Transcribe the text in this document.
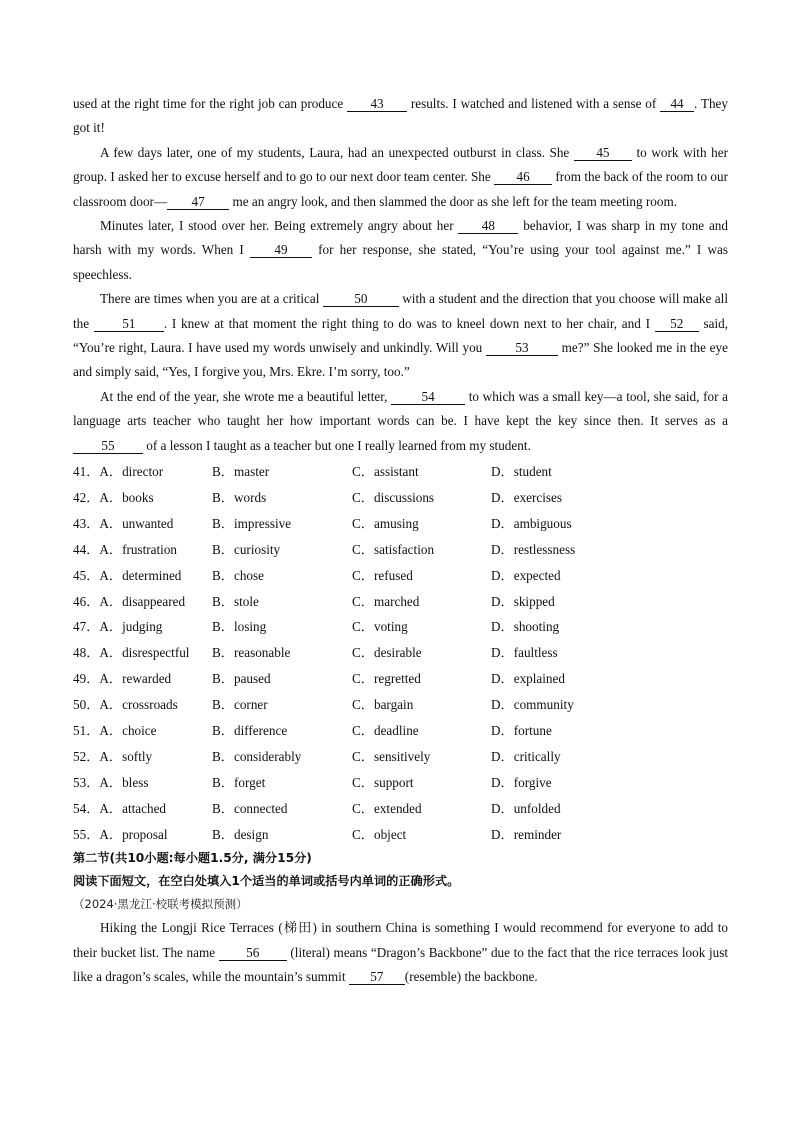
used at the right time for the right job can produce 43 results. I watched and listened with a sense of 44 . They got it!

A few days later, one of my students, Laura, had an unexpected outburst in class. She 45 to work with her group. I asked her to excuse herself and to go to our next door team center. She 46 from the back of the room to our classroom door— 47 me an angry look, and then slammed the door as she left for the team meeting room.

Minutes later, I stood over her. Being extremely angry about her 48 behavior, I was sharp in my tone and harsh with my words. When I 49 for her response, she stated, “You’re using your tool against me.” I was speechless.

There are times when you are at a critical 50 with a student and the direction that you choose will make all the 51 . I knew at that moment the right thing to do was to kneel down next to her chair, and I 52 said, “You’re right, Laura. I have used my words unwisely and unkindly. Will you 53 me?” She looked me in the eye and simply said, “Yes, I forgive you, Mrs. Ekre. I’m sorry, too.”

At the end of the year, she wrote me a beautiful letter, 54 to which was a small key—a tool, she said, for a language arts teacher who taught her how important words can be. I have kept the key since then. It serves as a 55 of a lesson I taught as a teacher but one I really learned from my student.

41．A．director	B．master	C．assistant	D．student
42．A．books	B．words	C．discussions	D．exercises
43．A．unwanted	B．impressive	C．amusing	D．ambiguous
44．A．frustration	B．curiosity	C．satisfaction	D．restlessness
45．A．determined	B．chose	C．refused	D．expected
46．A．disappeared	B．stole	C．marched	D．skipped
47．A．judging	B．losing	C．voting	D．shooting
48．A．disrespectful	B．reasonable	C．desirable	D．faultless
49．A．rewarded	B．paused	C．regretted	D．explained
50．A．crossroads	B．corner	C．bargain	D．community
51．A．choice	B．difference	C．deadline	D．fortune
52．A．softly	B．considerably	C．sensitively	D．critically
53．A．bless	B．forget	C．support	D．forgive
54．A．attached	B．connected	C．extended	D．unfolded
55．A．proposal	B．design	C．object	D．reminder

第二节(共10小题:每小题1.5分, 满分15分)

阅读下面短文，在空白处填入1个适当的单词或括号内单词的正确形式。

（2024·黑龙江·校联考模拟预测）

Hiking the Longji Rice Terraces (梯田) in southern China is something I would recommend for everyone to add to their bucket list. The name 56 (literal) means “Dragon’s Backbone” due to the fact that the rice terraces look just like a dragon’s scales, while the mountain’s summit 57 (resemble) the backbone.
